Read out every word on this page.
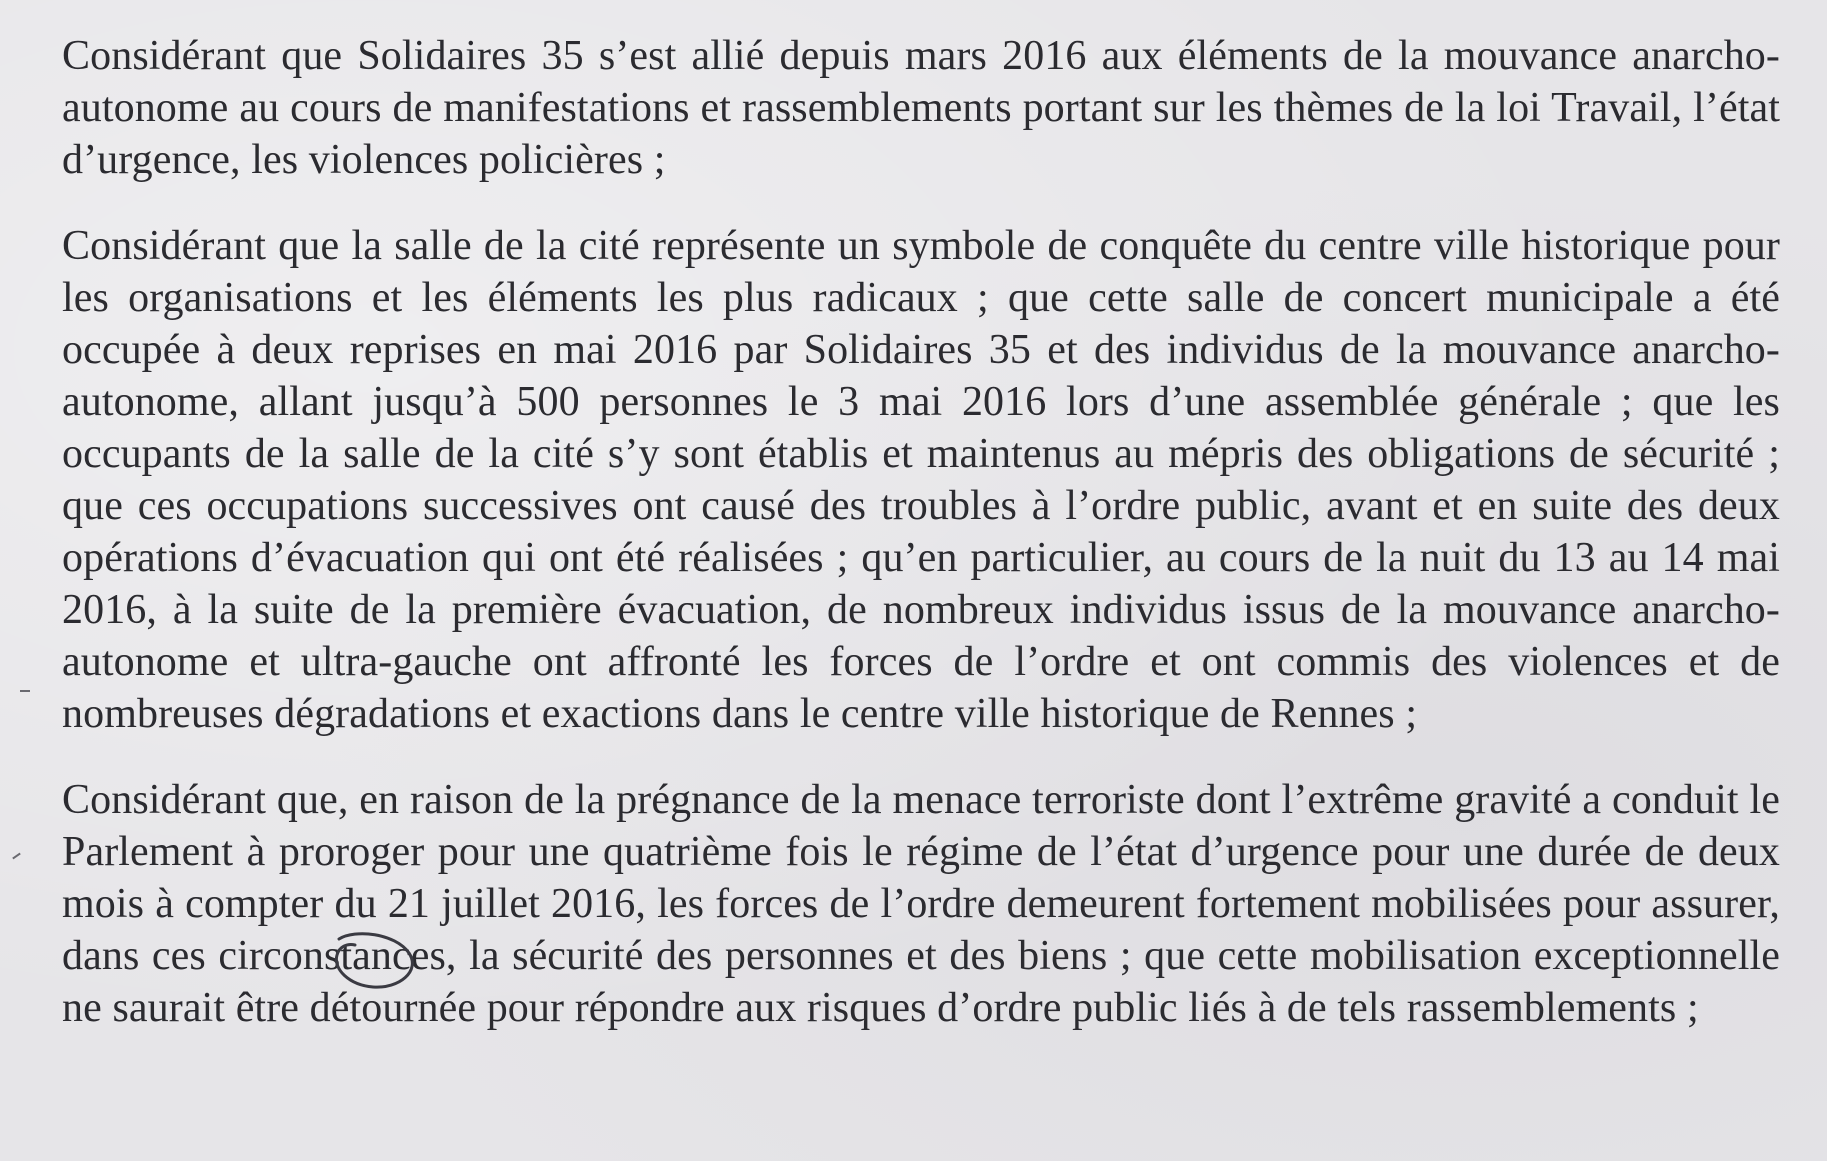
Considérant que Solidaires 35 s’est allié depuis mars 2016 aux éléments de la mouvance anarcho-autonome au cours de manifestations et rassemblements portant sur les thèmes de la loi Travail, l’état d’urgence, les violences policières ;

Considérant que la salle de la cité représente un symbole de conquête du centre ville historique pour les organisations et les éléments les plus radicaux ; que cette salle de concert municipale a été occupée à deux reprises en mai 2016 par Solidaires 35 et des individus de la mouvance anarcho-autonome, allant jusqu’à 500 personnes le 3 mai 2016 lors d’une assemblée générale ; que les occupants de la salle de la cité s’y sont établis et maintenus au mépris des obligations de sécurité ; que ces occupations successives ont causé des troubles à l’ordre public, avant et en suite des deux opérations d’évacuation qui ont été réalisées ; qu’en particulier, au cours de la nuit du 13 au 14 mai 2016, à la suite de la première évacuation, de nombreux individus issus de la mouvance anarcho-autonome et ultra-gauche ont affronté les forces de l’ordre et ont commis des violences et de nombreuses dégradations et exactions dans le centre ville historique de Rennes ;

Considérant que, en raison de la prégnance de la menace terroriste dont l’extrême gravité a conduit le Parlement à proroger pour une quatrième fois le régime de l’état d’urgence pour une durée de deux mois à compter du 21 juillet 2016, les forces de l’ordre demeurent fortement mobilisées pour assurer, dans ces circonstances, la sécurité des personnes et des biens ; que cette mobilisation exceptionnelle ne saurait être détournée pour répondre aux risques d’ordre public liés à de tels rassemblements ;
